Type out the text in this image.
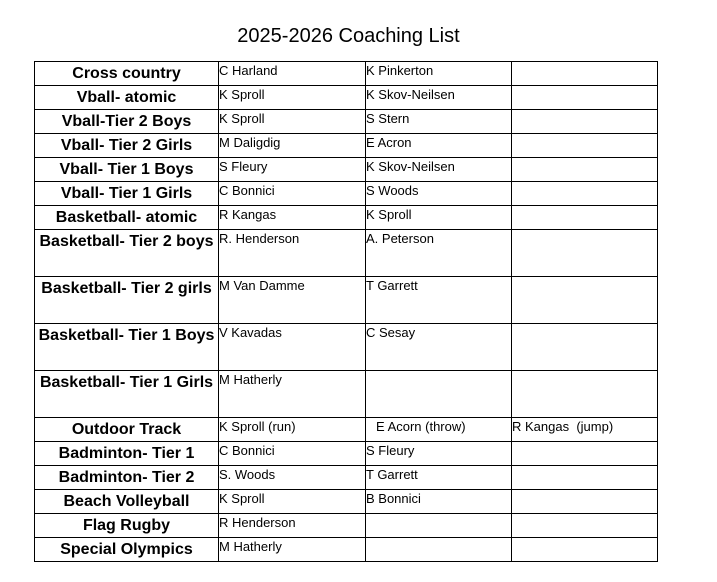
2025-2026 Coaching List
Cross country	C Harland	K Pinkerton	
Vball- atomic	K Sproll	K Skov-Neilsen	
Vball-Tier 2 Boys	K Sproll	S Stern	
Vball- Tier 2 Girls	M Daligdig	E Acron	
Vball- Tier 1 Boys	S Fleury	K Skov-Neilsen	
Vball- Tier 1 Girls	C Bonnici	S Woods	
Basketball- atomic	R Kangas	K Sproll	
Basketball- Tier 2 boys	R. Henderson	A. Peterson	
Basketball- Tier 2 girls	M Van Damme	T Garrett	
Basketball- Tier 1 Boys	V Kavadas	C Sesay	
Basketball- Tier 1 Girls	M Hatherly		
Outdoor Track	K Sproll (run)	E Acorn (throw)	R Kangas  (jump)
Badminton- Tier 1	C Bonnici	S Fleury	
Badminton- Tier 2	S. Woods	T Garrett	
Beach Volleyball	K Sproll	B Bonnici	
Flag Rugby	R Henderson		
Special Olympics	M Hatherly		
